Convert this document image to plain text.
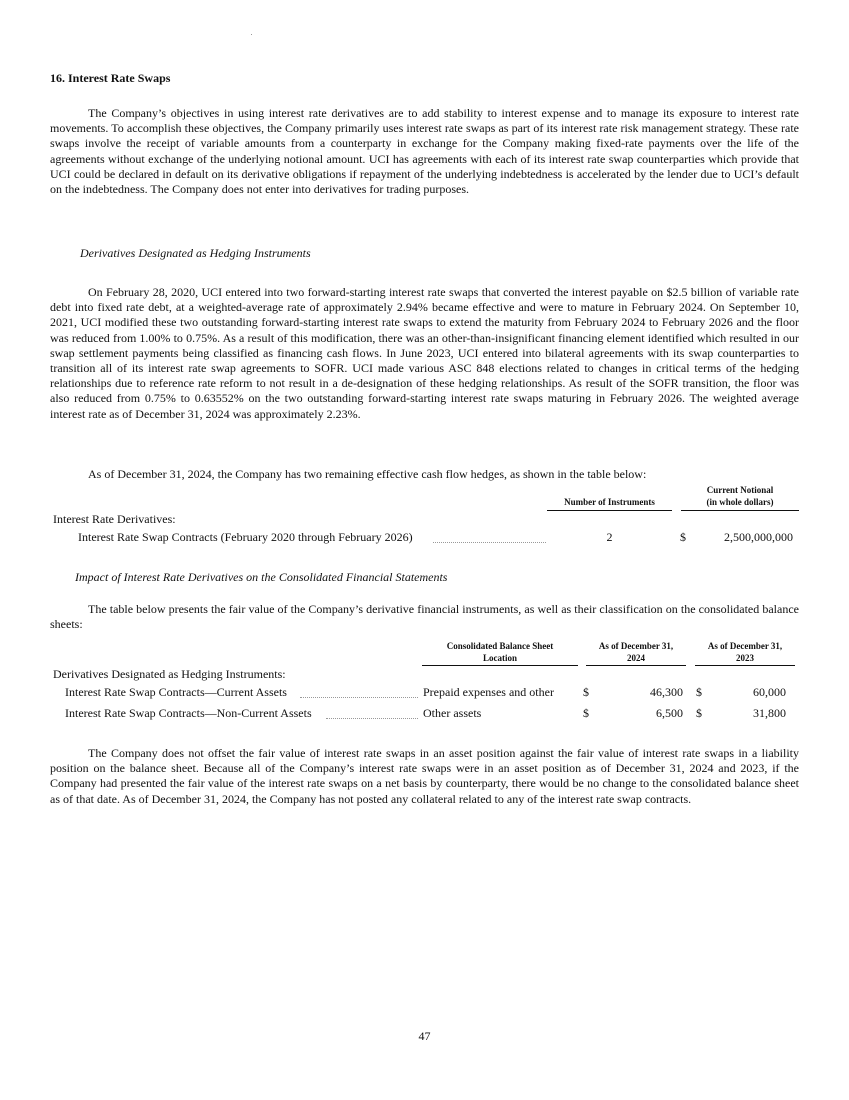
16. Interest Rate Swaps

The Company’s objectives in using interest rate derivatives are to add stability to interest expense and to manage its exposure to interest rate movements. To accomplish these objectives, the Company primarily uses interest rate swaps as part of its interest rate risk management strategy. These rate swaps involve the receipt of variable amounts from a counterparty in exchange for the Company making fixed-rate payments over the life of the agreements without exchange of the underlying notional amount. UCI has agreements with each of its interest rate swap counterparties which provide that UCI could be declared in default on its derivative obligations if repayment of the underlying indebtedness is accelerated by the lender due to UCI’s default on the indebtedness. The Company does not enter into derivatives for trading purposes.

Derivatives Designated as Hedging Instruments

On February 28, 2020, UCI entered into two forward-starting interest rate swaps that converted the interest payable on $2.5 billion of variable rate debt into fixed rate debt, at a weighted-average rate of approximately 2.94% became effective and were to mature in February 2024. On September 10, 2021, UCI modified these two outstanding forward-starting interest rate swaps to extend the maturity from February 2024 to February 2026 and the floor was reduced from 1.00% to 0.75%. As a result of this modification, there was an other-than-insignificant financing element identified which resulted in our swap settlement payments being classified as financing cash flows. In June 2023, UCI entered into bilateral agreements with its swap counterparties to transition all of its interest rate swap agreements to SOFR. UCI made various ASC 848 elections related to changes in critical terms of the hedging relationships due to reference rate reform to not result in a de-designation of these hedging relationships. As result of the SOFR transition, the floor was also reduced from 0.75% to 0.63552% on the two outstanding forward-starting interest rate swaps maturing in February 2026. The weighted average interest rate as of December 31, 2024 was approximately 2.23%.

As of December 31, 2024, the Company has two remaining effective cash flow hedges, as shown in the table below:

Number of Instruments
Current Notional
(in whole dollars)
Interest Rate Derivatives:
Interest Rate Swap Contracts (February 2020 through February 2026)	2	$	2,500,000,000
Impact of Interest Rate Derivatives on the Consolidated Financial Statements

The table below presents the fair value of the Company’s derivative financial instruments, as well as their classification on the consolidated balance sheets:

Consolidated Balance Sheet
Location
As of December 31,
2024
As of December 31,
2023
Derivatives Designated as Hedging Instruments:
Interest Rate Swap Contracts—Current Assets	Prepaid expenses and other $	46,300 $	60,000
Interest Rate Swap Contracts—Non-Current Assets	Other assets	$	6,500 $	31,800

The Company does not offset the fair value of interest rate swaps in an asset position against the fair value of interest rate swaps in a liability position on the balance sheet. Because all of the Company’s interest rate swaps were in an asset position as of December 31, 2024 and 2023, if the Company had presented the fair value of the interest rate swaps on a net basis by counterparty, there would be no change to the consolidated balance sheet as of that date. As of December 31, 2024, the Company has not posted any collateral related to any of the interest rate swap contracts.

47
